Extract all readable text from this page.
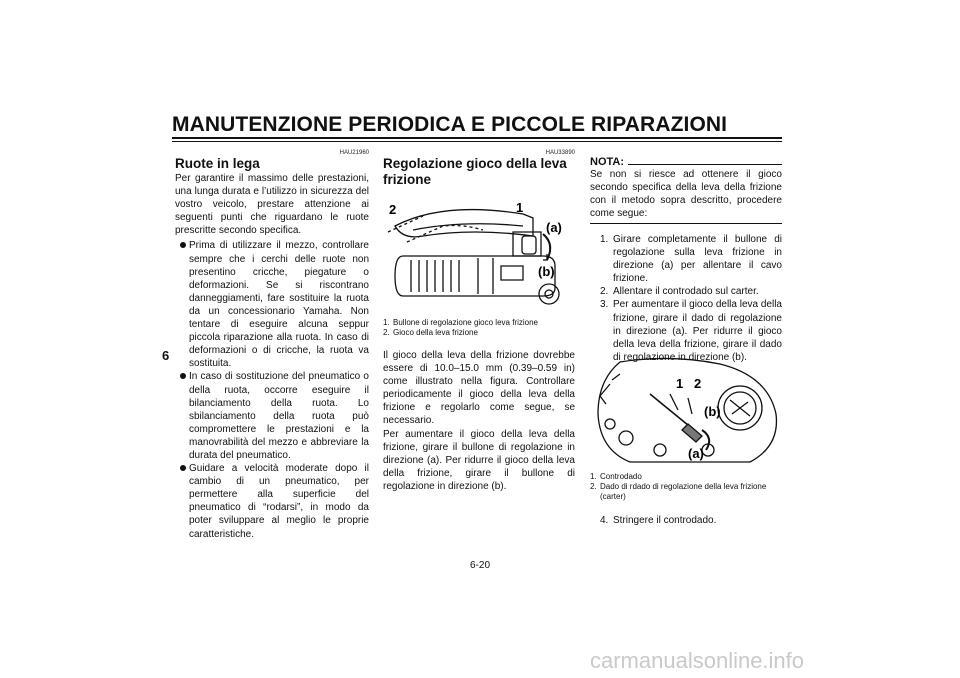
MANUTENZIONE PERIODICA E PICCOLE RIPARAZIONI
6
HAU21960
Ruote in lega
Per garantire il massimo delle prestazioni, una lunga durata e l’utilizzo in sicurezza del vostro veicolo, prestare attenzione ai seguenti punti che riguardano le ruote prescritte secondo specifica.
Prima di utilizzare il mezzo, controllare sempre che i cerchi delle ruote non presentino cricche, piegature o deformazioni. Se si riscontrano danneggiamenti, fare sostituire la ruota da un concessionario Yamaha. Non tentare di eseguire alcuna seppur piccola riparazione alla ruota. In caso di deformazioni o di cricche, la ruota va sostituita.
In caso di sostituzione del pneumatico o della ruota, occorre eseguire il bilanciamento della ruota. Lo sbilanciamento della ruota può compromettere le prestazioni e la manovrabilità del mezzo e abbreviare la durata del pneumatico.
Guidare a velocità moderate dopo il cambio di un pneumatico, per permettere alla superficie del pneumatico di “rodarsi”, in modo da poter sviluppare al meglio le proprie caratteristiche.
HAU33890
Regolazione gioco della leva frizione
2	1
(a)
(b)
1. Bullone di regolazione gioco leva frizione
2. Gioco della leva frizione
Il gioco della leva della frizione dovrebbe essere di 10.0–15.0 mm (0.39–0.59 in) come illustrato nella figura. Controllare periodicamente il gioco della leva della frizione e regolarlo come segue, se necessario.
Per aumentare il gioco della leva della frizione, girare il bullone di regolazione in direzione (a). Per ridurre il gioco della leva della frizione, girare il bullone di regolazione in direzione (b).
NOTA:
Se non si riesce ad ottenere il gioco secondo specifica della leva della frizione con il metodo sopra descritto, procedere come segue:
1. Girare completamente il bullone di regolazione sulla leva frizione in direzione (a) per allentare il cavo frizione.
2. Allentare il controdado sul carter.
3. Per aumentare il gioco della leva della frizione, girare il dado di regolazione in direzione (a). Per ridurre il gioco della leva della frizione, girare il dado di regolazione in direzione (b).
1 2
(b)
(a)
1. Controdado
2. Dado di rdado di regolazione della leva frizione (carter)
4. Stringere il controdado.
6-20
carmanualsonline.info
